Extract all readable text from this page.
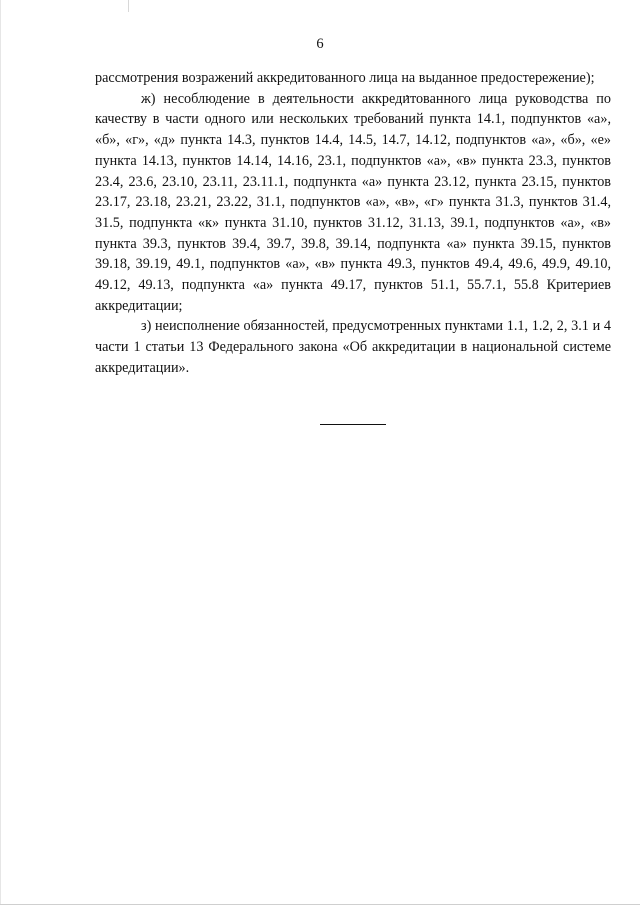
6

рассмотрения возражений аккредитованного лица на выданное предостережение);

ж) несоблюдение в деятельности аккредитованного лица руководства по качеству в части одного или нескольких требований пункта 14.1, подпунктов «а», «б», «г», «д» пункта 14.3, пунктов 14.4, 14.5, 14.7, 14.12, подпунктов «а», «б», «е» пункта 14.13, пунктов 14.14, 14.16, 23.1, подпунктов «а», «в» пункта 23.3, пунктов 23.4, 23.6, 23.10, 23.11, 23.11.1, подпункта «а» пункта 23.12, пункта 23.15, пунктов 23.17, 23.18, 23.21, 23.22, 31.1, подпунктов «а», «в», «г» пункта 31.3, пунктов 31.4, 31.5, подпункта «к» пункта 31.10, пунктов 31.12, 31.13, 39.1, подпунктов «а», «в» пункта 39.3, пунктов 39.4, 39.7, 39.8, 39.14, подпункта «а» пункта 39.15, пунктов 39.18, 39.19, 49.1, подпунктов «а», «в» пункта 49.3, пунктов 49.4, 49.6, 49.9, 49.10, 49.12, 49.13, подпункта «а» пункта 49.17, пунктов 51.1, 55.7.1, 55.8 Критериев аккредитации;

з) неисполнение обязанностей, предусмотренных пунктами 1.1, 1.2, 2, 3.1 и 4 части 1 статьи 13 Федерального закона «Об аккредитации в национальной системе аккредитации».
